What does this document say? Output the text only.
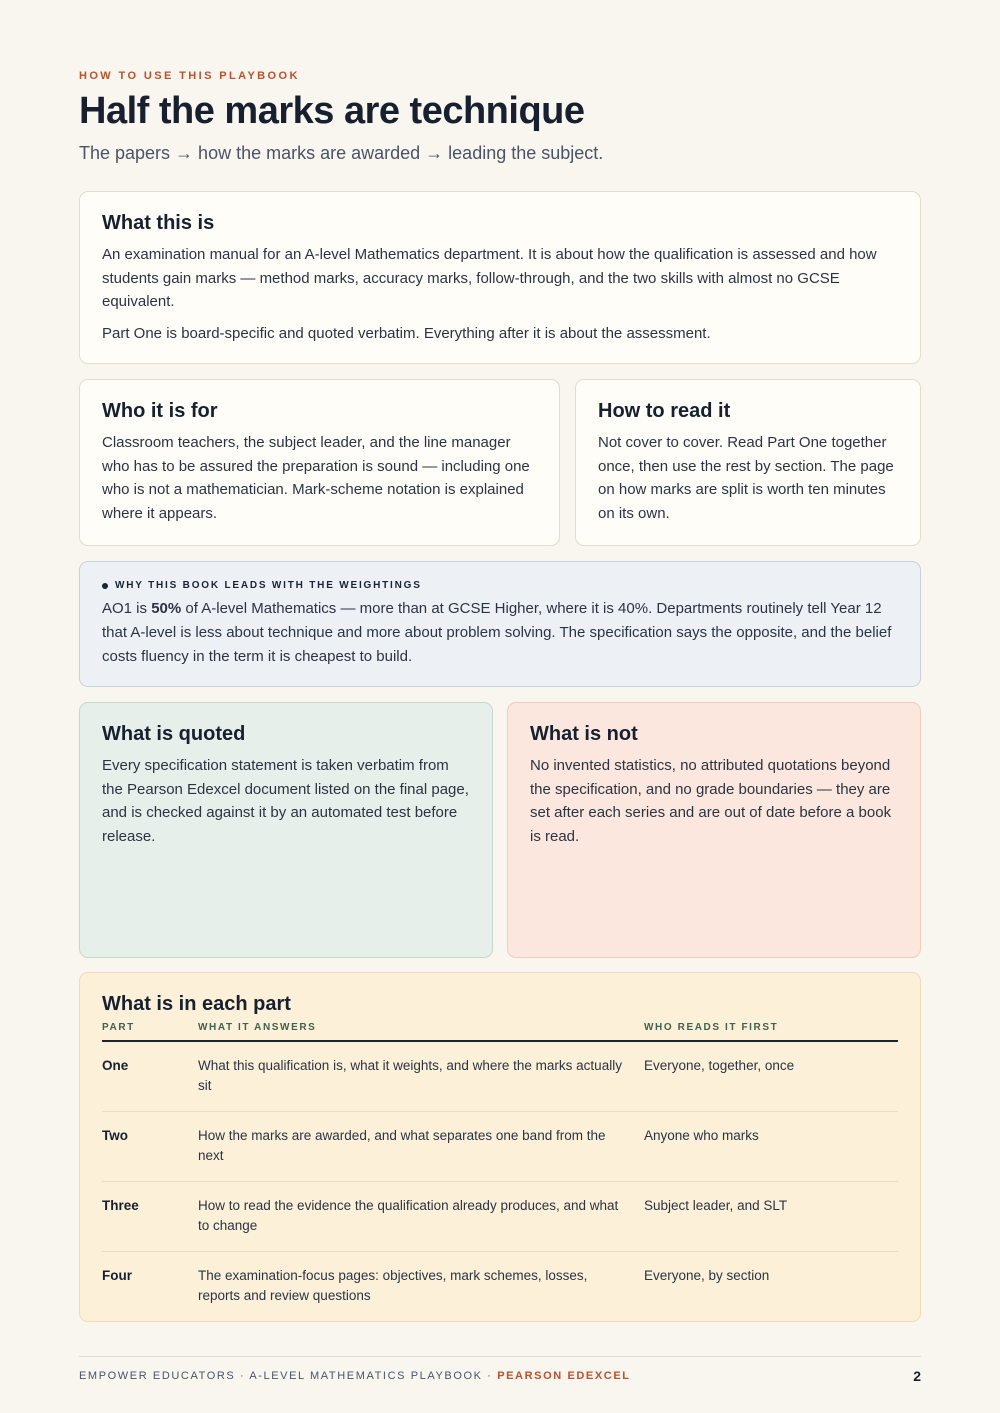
HOW TO USE THIS PLAYBOOK
Half the marks are technique
The papers → how the marks are awarded → leading the subject.
What this is

An examination manual for an A-level Mathematics department. It is about how the qualification is assessed and how students gain marks — method marks, accuracy marks, follow-through, and the two skills with almost no GCSE equivalent.

Part One is board-specific and quoted verbatim. Everything after it is about the assessment.

Who it is for

Classroom teachers, the subject leader, and the line manager who has to be assured the preparation is sound — including one who is not a mathematician. Mark-scheme notation is explained where it appears.

How to read it

Not cover to cover. Read Part One together once, then use the rest by section. The page on how marks are split is worth ten minutes on its own.

WHY THIS BOOK LEADS WITH THE WEIGHTINGS

AO1 is 50% of A-level Mathematics — more than at GCSE Higher, where it is 40%. Departments routinely tell Year 12 that A-level is less about technique and more about problem solving. The specification says the opposite, and the belief costs fluency in the term it is cheapest to build.

What is quoted

Every specification statement is taken verbatim from the Pearson Edexcel document listed on the final page, and is checked against it by an automated test before release.

What is not

No invented statistics, no attributed quotations beyond the specification, and no grade boundaries — they are set after each series and are out of date before a book is read.

What is in each part
PART	WHAT IT ANSWERS	WHO READS IT FIRST
One	What this qualification is, what it weights, and where the marks actually sit	Everyone, together, once
Two	How the marks are awarded, and what separates one band from the next	Anyone who marks
Three	How to read the evidence the qualification already produces, and what to change	Subject leader, and SLT
Four	The examination-focus pages: objectives, mark schemes, losses, reports and review questions	Everyone, by section
EMPOWER EDUCATORS · A-LEVEL MATHEMATICS PLAYBOOK · PEARSON EDEXCEL	2
